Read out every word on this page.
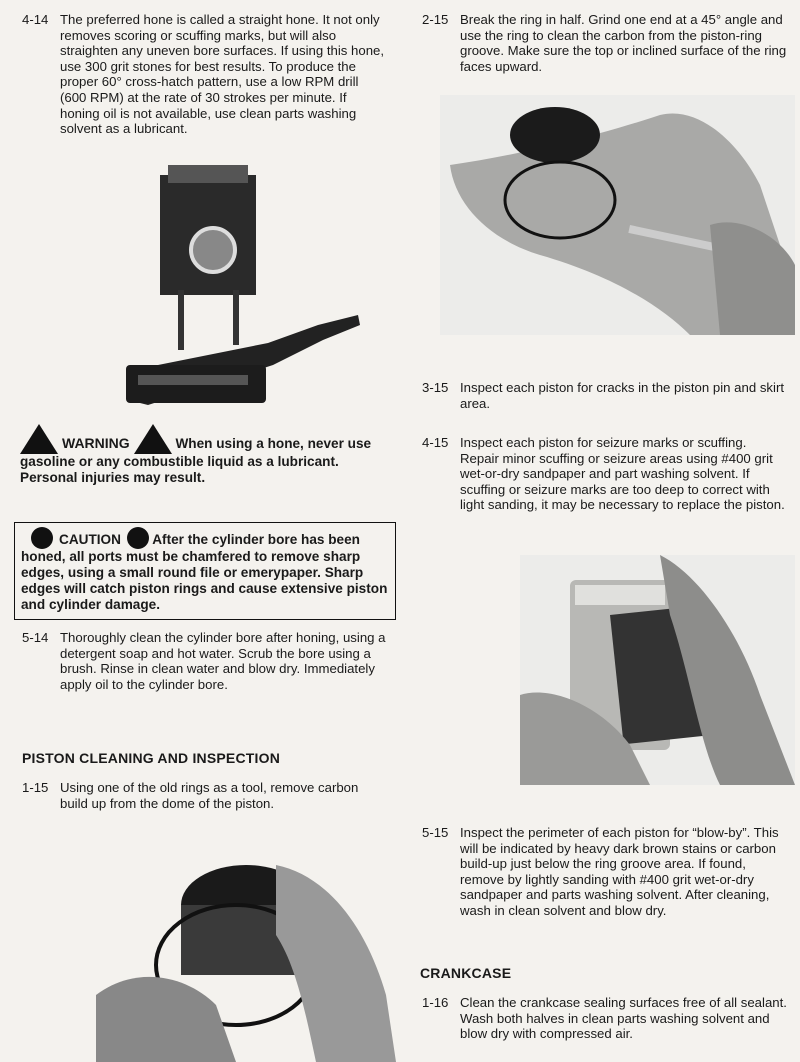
4-14 The preferred hone is called a straight hone. It not only removes scoring or scuffing marks, but will also straighten any uneven bore surfaces. If using this hone, use 300 grit stones for best results. To produce the proper 60° cross-hatch pattern, use a low RPM drill (600 RPM) at the rate of 30 strokes per minute. If honing oil is not available, use clean parts washing solvent as a lubricant.
WARNING	When using a hone, never use gasoline or any combustible liquid as a lubricant. Personal injuries may result.
CAUTION After the cylinder bore has been honed, all ports must be chamfered to remove sharp edges, using a small round file or emerypaper. Sharp edges will catch piston rings and cause extensive piston and cylinder damage.
5-14 Thoroughly clean the cylinder bore after honing, using a detergent soap and hot water. Scrub the bore using a brush. Rinse in clean water and blow dry. Immediately apply oil to the cylinder bore.
PISTON CLEANING AND INSPECTION
1-15 Using one of the old rings as a tool, remove carbon build up from the dome of the piston.
2-15 Break the ring in half. Grind one end at a 45° angle and use the ring to clean the carbon from the piston-ring groove. Make sure the top or inclined surface of the ring faces upward.
3-15 Inspect each piston for cracks in the piston pin and skirt area.
4-15 Inspect each piston for seizure marks or scuffing. Repair minor scuffing or seizure areas using #400 grit wet-or-dry sandpaper and part washing solvent. If scuffing or seizure marks are too deep to correct with light sanding, it may be necessary to replace the piston.
5-15 Inspect the perimeter of each piston for “blow-by”. This will be indicated by heavy dark brown stains or carbon build-up just below the ring groove area. If found, remove by lightly sanding with #400 grit wet-or-dry sandpaper and parts washing solvent. After cleaning, wash in clean solvent and blow dry.
CRANKCASE
1-16 Clean the crankcase sealing surfaces free of all sealant. Wash both halves in clean parts washing solvent and blow dry with compressed air.
